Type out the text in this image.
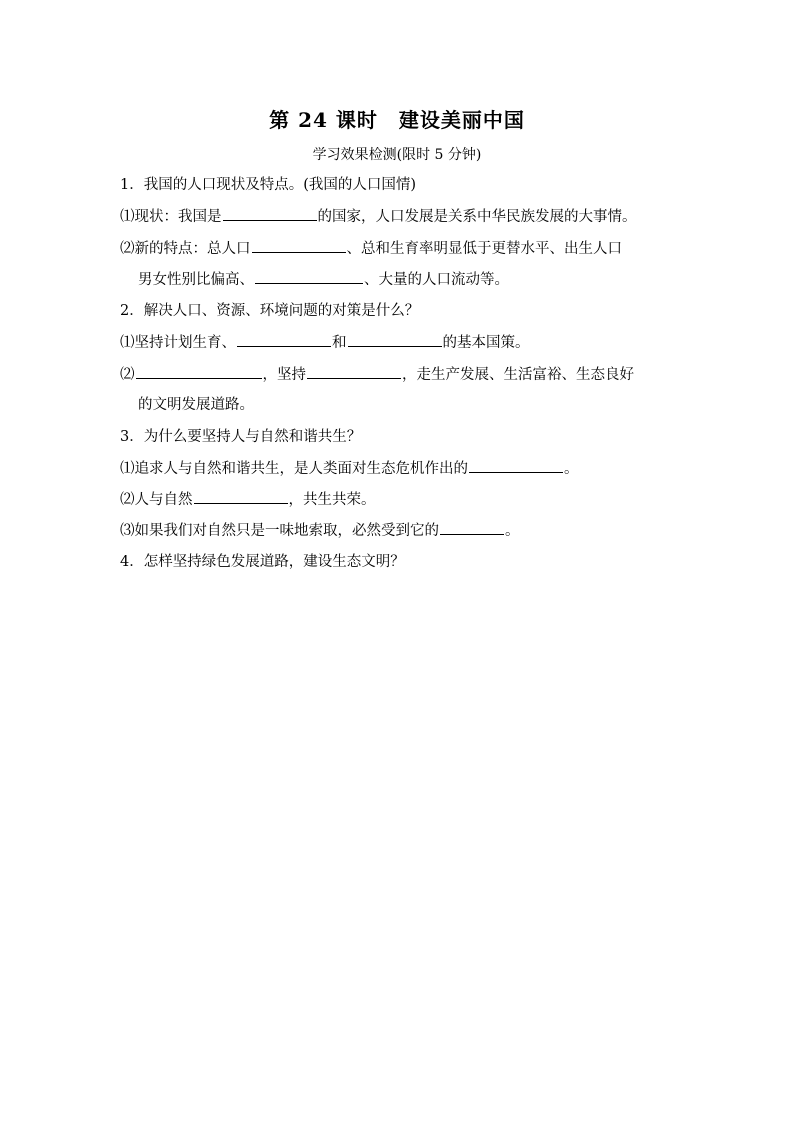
第 24 课时　建设美丽中国
学习效果检测(限时 5 分钟)
1．我国的人口现状及特点。(我国的人口国情)
⑴现状：我国是	的国家，人口发展是关系中华民族发展的大事情。
⑵新的特点：总人口	、总和生育率明显低于更替水平、出生人口
男女性别比偏高、	、大量的人口流动等。
2．解决人口、资源、环境问题的对策是什么？
⑴坚持计划生育、	和	的基本国策。
⑵	，坚持	，走生产发展、生活富裕、生态良好
的文明发展道路。
3．为什么要坚持人与自然和谐共生？
⑴追求人与自然和谐共生，是人类面对生态危机作出的	。
⑵人与自然	，共生共荣。
⑶如果我们对自然只是一味地索取，必然受到它的	。
4．怎样坚持绿色发展道路，建设生态文明？
